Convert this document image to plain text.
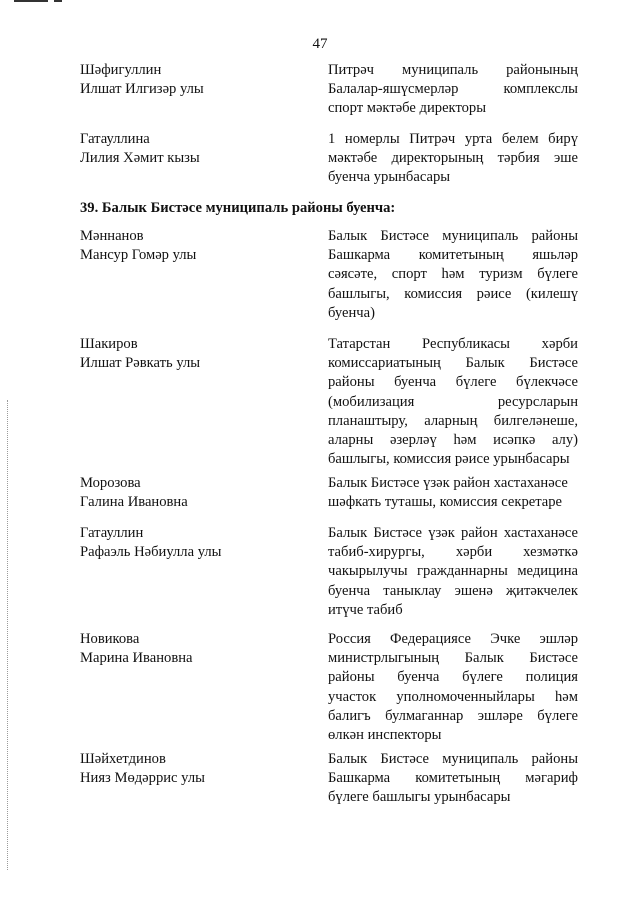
47
Шәфигуллин
Илшат Илгизәр улы
Питрәч муниципаль районының
Балалар-яшүсмерләр комплекслы
спорт мәктәбе директоры
Гатауллина
Лилия Хәмит кызы
1 номерлы Питрәч урта белем бирү
мәктәбе директорының тәрбия эше
буенча урынбасары
39. Балык Бистәсе муниципаль районы буенча:
Мәннанов
Мансур Гомәр улы
Балык Бистәсе муниципаль районы
Башкарма комитетының яшьләр
сәясәте, спорт һәм туризм бүлеге
башлыгы, комиссия рәисе (килешү
буенча)
Шакиров
Илшат Рәвкать улы
Татарстан Республикасы хәрби
комиссариатының Балык Бистәсе
районы буенча бүлеге бүлекчәсе
(мобилизация ресурсларын
планаштыру, аларның билгеләнеше,
аларны әзерләү һәм исәпкә алу)
башлыгы, комиссия рәисе урынбасары
Морозова
Галина Ивановна
Балык Бистәсе үзәк район хастаханәсе
шәфкать туташы, комиссия секретаре
Гатауллин
Рафаэль Нәбиулла улы
Балык Бистәсе үзәк район хастаханәсе
табиб-хирургы, хәрби хезмәткә
чакырылучы гражданнарны медицина
буенча таныклау эшенә җитәкчелек
итүче табиб
Новикова
Марина Ивановна
Россия Федерациясе Эчке эшләр
министрлыгының Балык Бистәсе
районы буенча бүлеге полиция
участок уполномоченныйлары һәм
балигъ булмаганнар эшләре бүлеге
өлкән инспекторы
Шәйхетдинов
Нияз Мөдәррис улы
Балык Бистәсе муниципаль районы
Башкарма комитетының мәгариф
бүлеге башлыгы урынбасары
